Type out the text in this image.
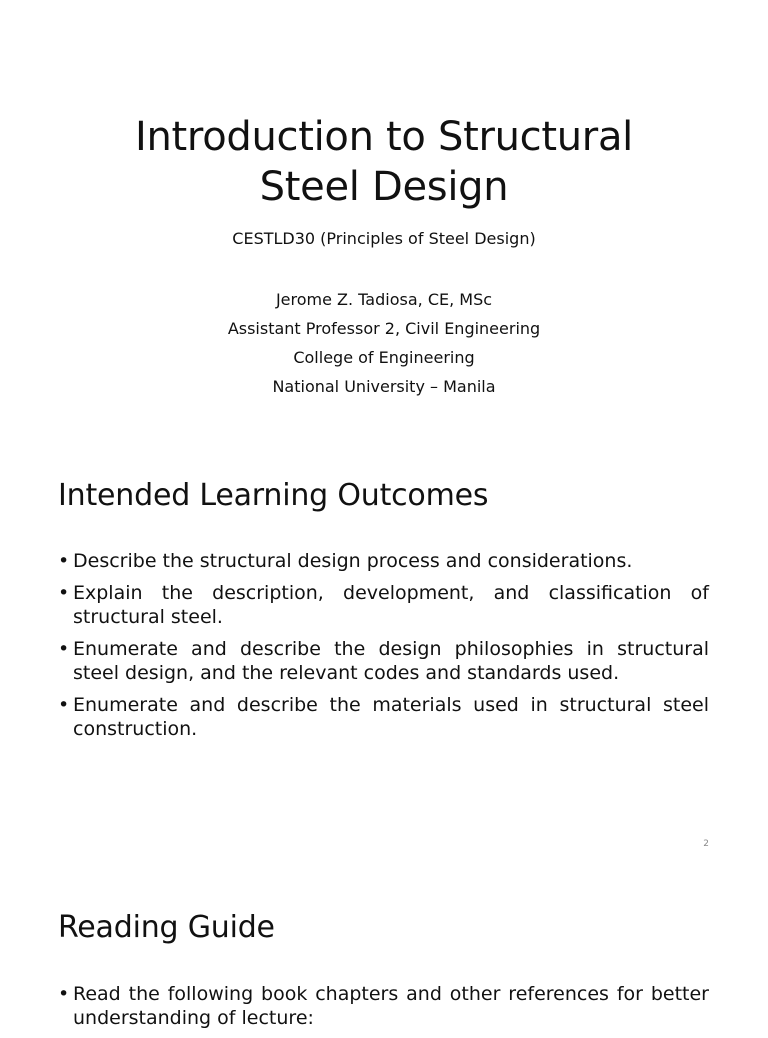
Introduction to Structural
Steel Design
CESTLD30 (Principles of Steel Design)
Jerome Z. Tadiosa, CE, MSc
Assistant Professor 2, Civil Engineering
College of Engineering
National University – Manila
Intended Learning Outcomes
• Describe the structural design process and considerations.
• Explain the description, development, and classification of structural steel.
• Enumerate and describe the design philosophies in structural steel design, and the relevant codes and standards used.
• Enumerate and describe the materials used in structural steel construction.
2
Reading Guide
• Read the following book chapters and other references for better understanding of lecture:
